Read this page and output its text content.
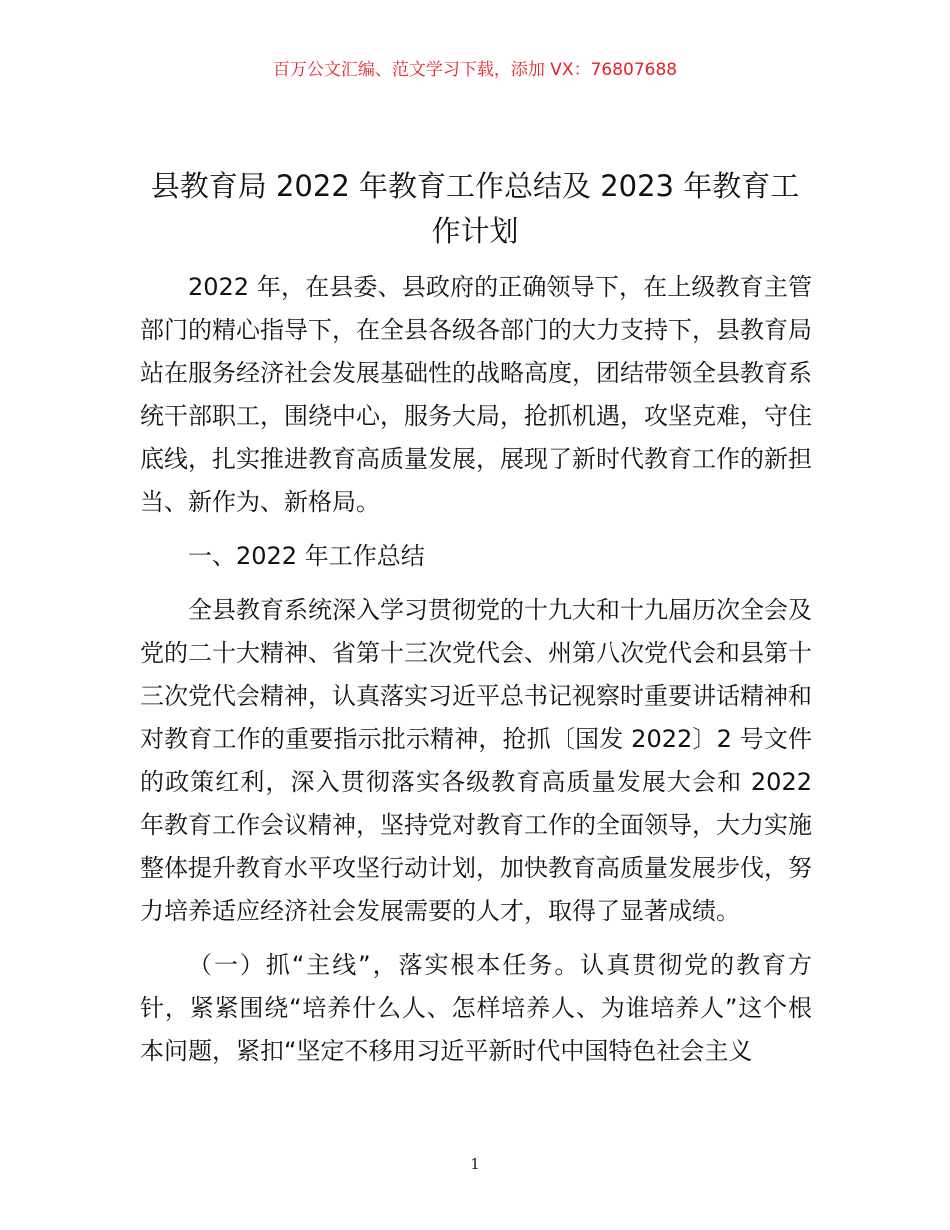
百万公文汇编、范文学习下载，添加 VX：76807688
县教育局 2022 年教育工作总结及 2023 年教育工作计划

2022 年，在县委、县政府的正确领导下，在上级教育主管部门的精心指导下，在全县各级各部门的大力支持下，县教育局站在服务经济社会发展基础性的战略高度，团结带领全县教育系统干部职工，围绕中心，服务大局，抢抓机遇，攻坚克难，守住底线，扎实推进教育高质量发展，展现了新时代教育工作的新担当、新作为、新格局。

一、2022 年工作总结

全县教育系统深入学习贯彻党的十九大和十九届历次全会及党的二十大精神、省第十三次党代会、州第八次党代会和县第十三次党代会精神，认真落实习近平总书记视察时重要讲话精神和对教育工作的重要指示批示精神，抢抓〔国发 2022〕2 号文件的政策红利，深入贯彻落实各级教育高质量发展大会和 2022 年教育工作会议精神，坚持党对教育工作的全面领导，大力实施整体提升教育水平攻坚行动计划，加快教育高质量发展步伐，努力培养适应经济社会发展需要的人才，取得了显著成绩。

（一）抓“主线”，落实根本任务。认真贯彻党的教育方针，紧紧围绕“培养什么人、怎样培养人、为谁培养人”这个根本问题，紧扣“坚定不移用习近平新时代中国特色社会主义

1
